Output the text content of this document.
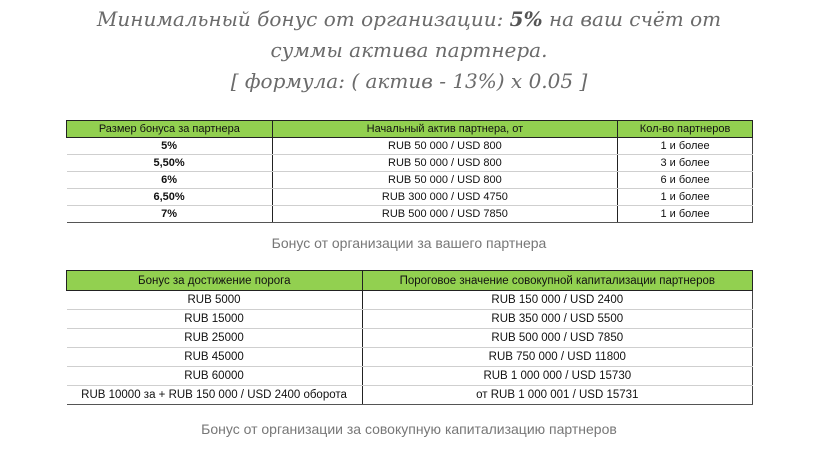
Минимальный бонус от организации: 5% на ваш счёт от
суммы актива партнера.
[ формула: ( актив - 13%) x 0.05 ]
Размер бонуса за партнера	Начальный актив партнера, от	Кол-во партнеров
5%	RUB 50 000 / USD 800	1 и более
5,50%	RUB 50 000 / USD 800	3 и более
6%	RUB 50 000 / USD 800	6 и более
6,50%	RUB 300 000 / USD 4750	1 и более
7%	RUB 500 000 / USD 7850	1 и более
Бонус от организации за вашего партнера
Бонус за достижение порога	Пороговое значение совокупной капитализации партнеров
RUB 5000	RUB 150 000 / USD 2400
RUB 15000	RUB 350 000 / USD 5500
RUB 25000	RUB 500 000 / USD 7850
RUB 45000	RUB 750 000 / USD 11800
RUB 60000	RUB 1 000 000 / USD 15730
RUB 10000 за + RUB 150 000 / USD 2400 оборота	от RUB 1 000 001 / USD 15731
Бонус от организации за совокупную капитализацию партнеров
